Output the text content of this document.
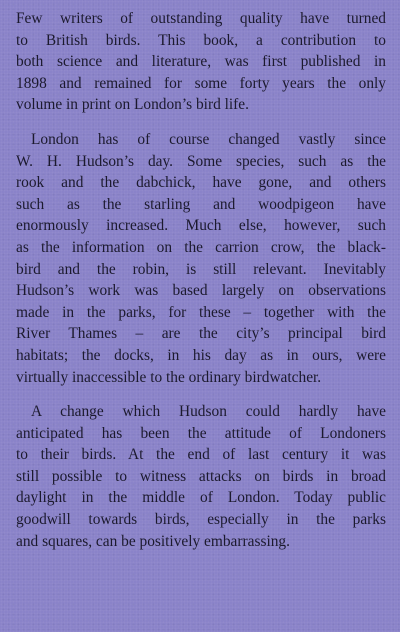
Few writers of outstanding quality have turned
to British birds. This book, a contribution to
both science and literature, was first published in
1898 and remained for some forty years the only
volume in print on London’s bird life.

London has of course changed vastly since
W. H. Hudson’s day. Some species, such as the
rook and the dabchick, have gone, and others
such as the starling and woodpigeon have
enormously increased. Much else, however, such
as the information on the carrion crow, the black-
bird and the robin, is still relevant. Inevitably
Hudson’s work was based largely on observations
made in the parks, for these – together with the
River Thames – are the city’s principal bird
habitats; the docks, in his day as in ours, were
virtually inaccessible to the ordinary birdwatcher.

A change which Hudson could hardly have
anticipated has been the attitude of Londoners
to their birds. At the end of last century it was
still possible to witness attacks on birds in broad
daylight in the middle of London. Today public
goodwill towards birds, especially in the parks
and squares, can be positively embarrassing.
